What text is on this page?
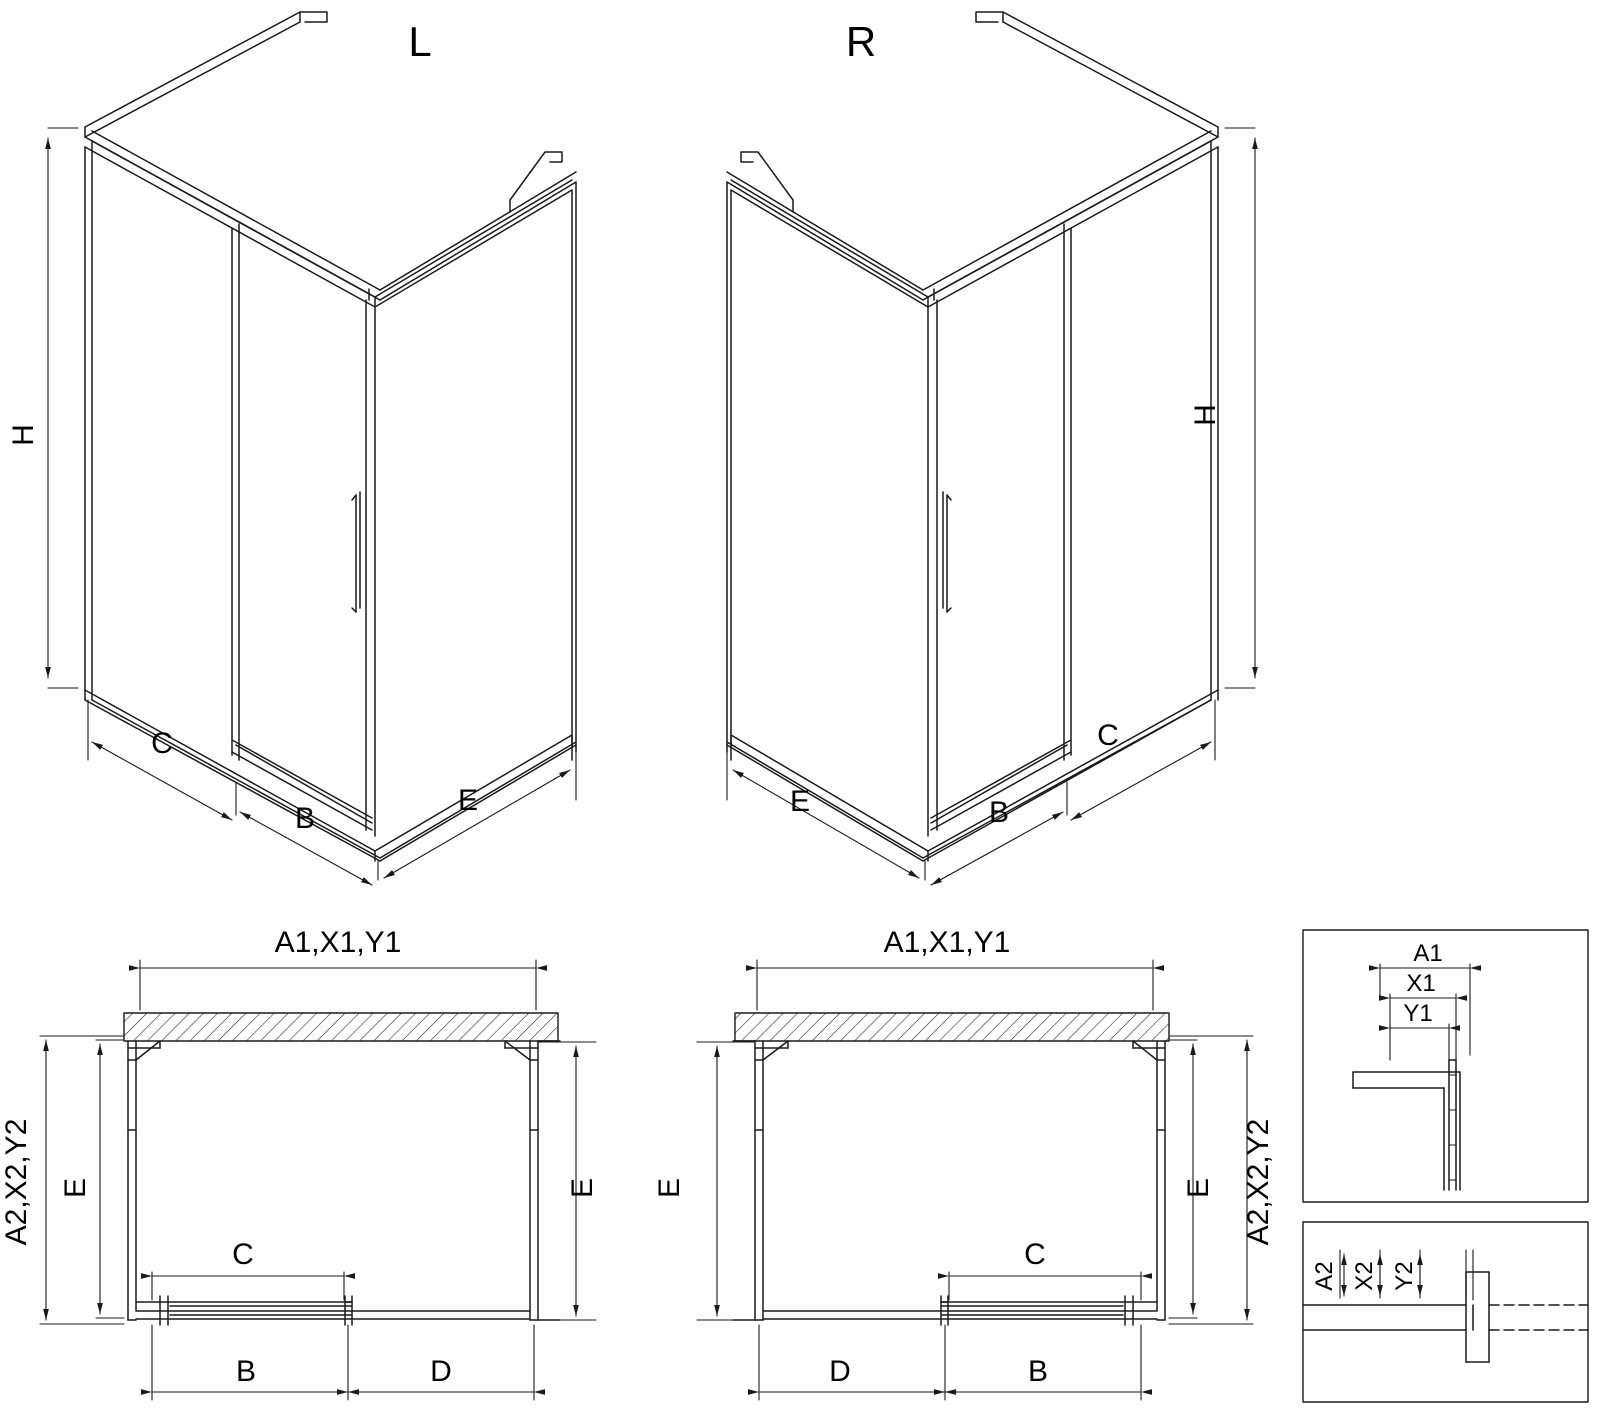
L	R
H
C
B
E
H
C
B
E
A1,X1,Y1
A2,X2,Y2 E	E
C
B	D
A1,X1,Y1
A2,X2,Y2
E	E
C
D	B
A1
X1
Y1
A2 X2 Y2
